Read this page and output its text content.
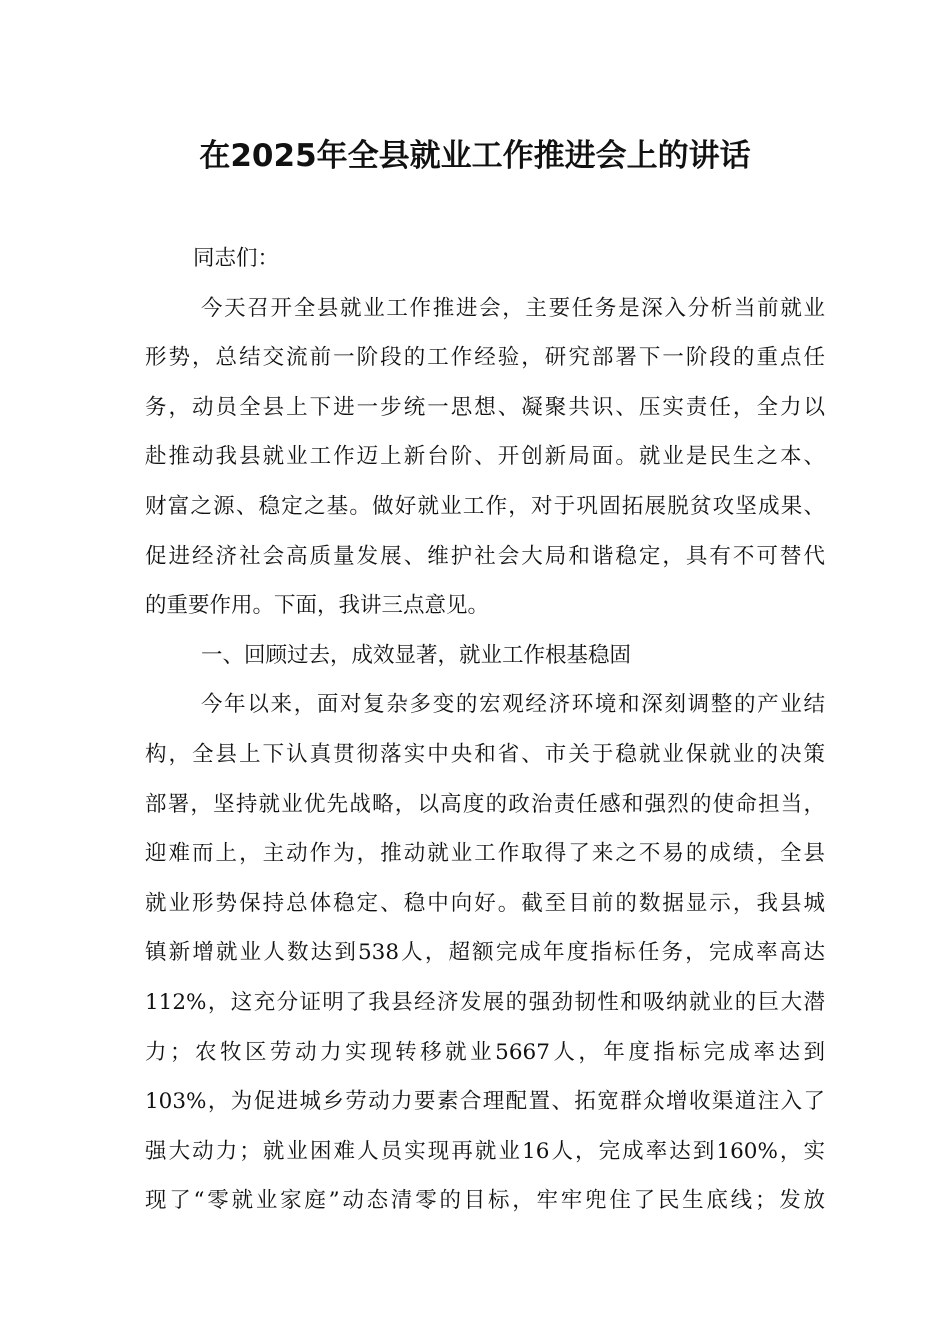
在2025年全县就业工作推进会上的讲话
同志们：
今天召开全县就业工作推进会，主要任务是深入分析当前就业
形势，总结交流前一阶段的工作经验，研究部署下一阶段的重点任
务，动员全县上下进一步统一思想、凝聚共识、压实责任，全力以
赴推动我县就业工作迈上新台阶、开创新局面。就业是民生之本、
财富之源、稳定之基。做好就业工作，对于巩固拓展脱贫攻坚成果、
促进经济社会高质量发展、维护社会大局和谐稳定，具有不可替代
的重要作用。下面，我讲三点意见。
一、回顾过去，成效显著，就业工作根基稳固
今年以来，面对复杂多变的宏观经济环境和深刻调整的产业结
构，全县上下认真贯彻落实中央和省、市关于稳就业保就业的决策
部署，坚持就业优先战略，以高度的政治责任感和强烈的使命担当，
迎难而上，主动作为，推动就业工作取得了来之不易的成绩，全县
就业形势保持总体稳定、稳中向好。截至目前的数据显示，我县城
镇新增就业人数达到538人，超额完成年度指标任务，完成率高达
112%，这充分证明了我县经济发展的强劲韧性和吸纳就业的巨大潜
力；农牧区劳动力实现转移就业5667人，年度指标完成率达到
103%，为促进城乡劳动力要素合理配置、拓宽群众增收渠道注入了
强大动力；就业困难人员实现再就业16人，完成率达到160%，实
现了“零就业家庭”动态清零的目标，牢牢兜住了民生底线；发放
